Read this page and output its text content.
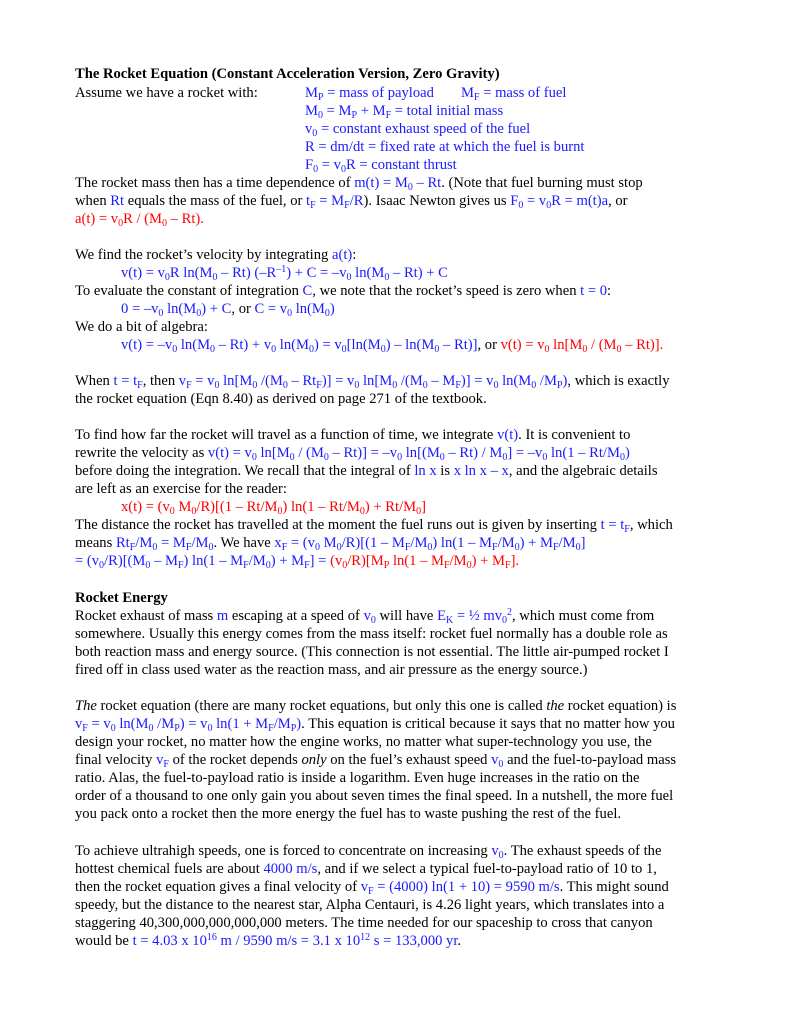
The Rocket Equation (Constant Acceleration Version, Zero Gravity)
Assume we have a rocket with:	$M_P$ = mass of payload $M_F$ = mass of fuel
$M_0 = M_P + M_F$ = total initial mass
$v_0$ = constant exhaust speed of the fuel
R = dm/dt = fixed rate at which the fuel is burnt
$F_0 = v_0R$ = constant thrust
The rocket mass then has a time dependence of $m(t) = M_0 - Rt$. (Note that fuel burning must stop
when Rt equals the mass of the fuel, or $t_F = M_F/R$). Isaac Newton gives us $F_0 = v_0R = m(t)a$, or
$a(t) = v_0R / (M_0 - Rt)$.
We find the rocket’s velocity by integrating a(t):
$v(t) = v_0R$ $\ln(M_0 - Rt) (-R^{-1}) + C = -v_0$ $\ln(M_0 - Rt) + C$
To evaluate the constant of integration C, we note that the rocket’s speed is zero when t = 0:
$0 = -v_0$ $\ln(M_0) + C$, or $C = v_0$ $\ln(M_0)$
We do a bit of algebra:
$v(t) = -v_0$ $\ln(M_0 - Rt) + v_0$ $\ln(M_0) = v_0[\ln(M_0) - \ln(M_0 - Rt)]$, or $v(t) = v_0$ $\ln[M_0 / (M_0 - Rt)]$.
When $t = t_F$, then $v_F = v_0$ $\ln[M_0$ $/(M_0 - Rt_F)] = v_0$ $\ln[M_0$ $/(M_0 - M_F)] = v_0$ $\ln(M_0$ $/M_P$), which is exactly
the rocket equation (Eqn 8.40) as derived on page 271 of the textbook.
To find how far the rocket will travel as a function of time, we integrate v(t). It is convenient to
rewrite the velocity as $v(t) = v_0$ $\ln[M_0 / (M_0 - Rt)] = -v_0$ $\ln[(M_0 - Rt) / M_0] = -v_0$ $\ln(1 - Rt/M_0)$
before doing the integration. We recall that the integral of ln x is x ln x – x, and the algebraic details
are left as an exercise for the reader:
$x(t) = (v_0$ $M_0/R)[(1 - Rt/M_0)$ $\ln(1 - Rt/M_0) + Rt/M_0$]
The distance the rocket has travelled at the moment the fuel runs out is given by inserting $t = t_F$, which
means $Rt_F/M_0 = M_F/M_0$. We have $x_F = (v_0$ $M_0/R)[(1 - M_F/M_0)$ $\ln(1 - M_F/M_0) + M_F/M_0$]
= $(v_0/R)[(M_0 - M_F)$ $\ln(1 - M_F/M_0) + M_F] = (v_0/R)[M_P$ $\ln(1 - M_F/M_0) + M_F$].
Rocket Energy
Rocket exhaust of mass m escaping at a speed of $v_0$ will have $E_K$ = ½ $mv_0^2$, which must come from
somewhere. Usually this energy comes from the mass itself: rocket fuel normally has a double role as
both reaction mass and energy source. (This connection is not essential. The little air-pumped rocket I
fired off in class used water as the reaction mass, and air pressure as the energy source.)
The rocket equation (there are many rocket equations, but only this one is called the rocket equation) is
$v_F = v_0$ $\ln(M_0$ $/M_P) = v_0$ $\ln(1 + M_F/M_P)$. This equation is critical because it says that no matter how you
design your rocket, no matter how the engine works, no matter what super-technology you use, the
final velocity $v_F$ of the rocket depends only on the fuel’s exhaust speed $v_0$ and the fuel-to-payload mass
ratio. Alas, the fuel-to-payload ratio is inside a logarithm. Even huge increases in the ratio on the
order of a thousand to one only gain you about seven times the final speed. In a nutshell, the more fuel
you pack onto a rocket then the more energy the fuel has to waste pushing the rest of the fuel.
To achieve ultrahigh speeds, one is forced to concentrate on increasing $v_0$. The exhaust speeds of the
hottest chemical fuels are about 4000 m/s, and if we select a typical fuel-to-payload ratio of 10 to 1,
then the rocket equation gives a final velocity of $v_F = (4000) \ln(1 + 10) = 9590$ m/s. This might sound
speedy, but the distance to the nearest star, Alpha Centauri, is 4.26 light years, which translates into a
staggering 40,300,000,000,000,000 meters. The time needed for our spaceship to cross that canyon
would be t = 4.03 x $10^{16}$ m / 9590 m/s = 3.1 x $10^{12}$ s = 133,000 yr.
